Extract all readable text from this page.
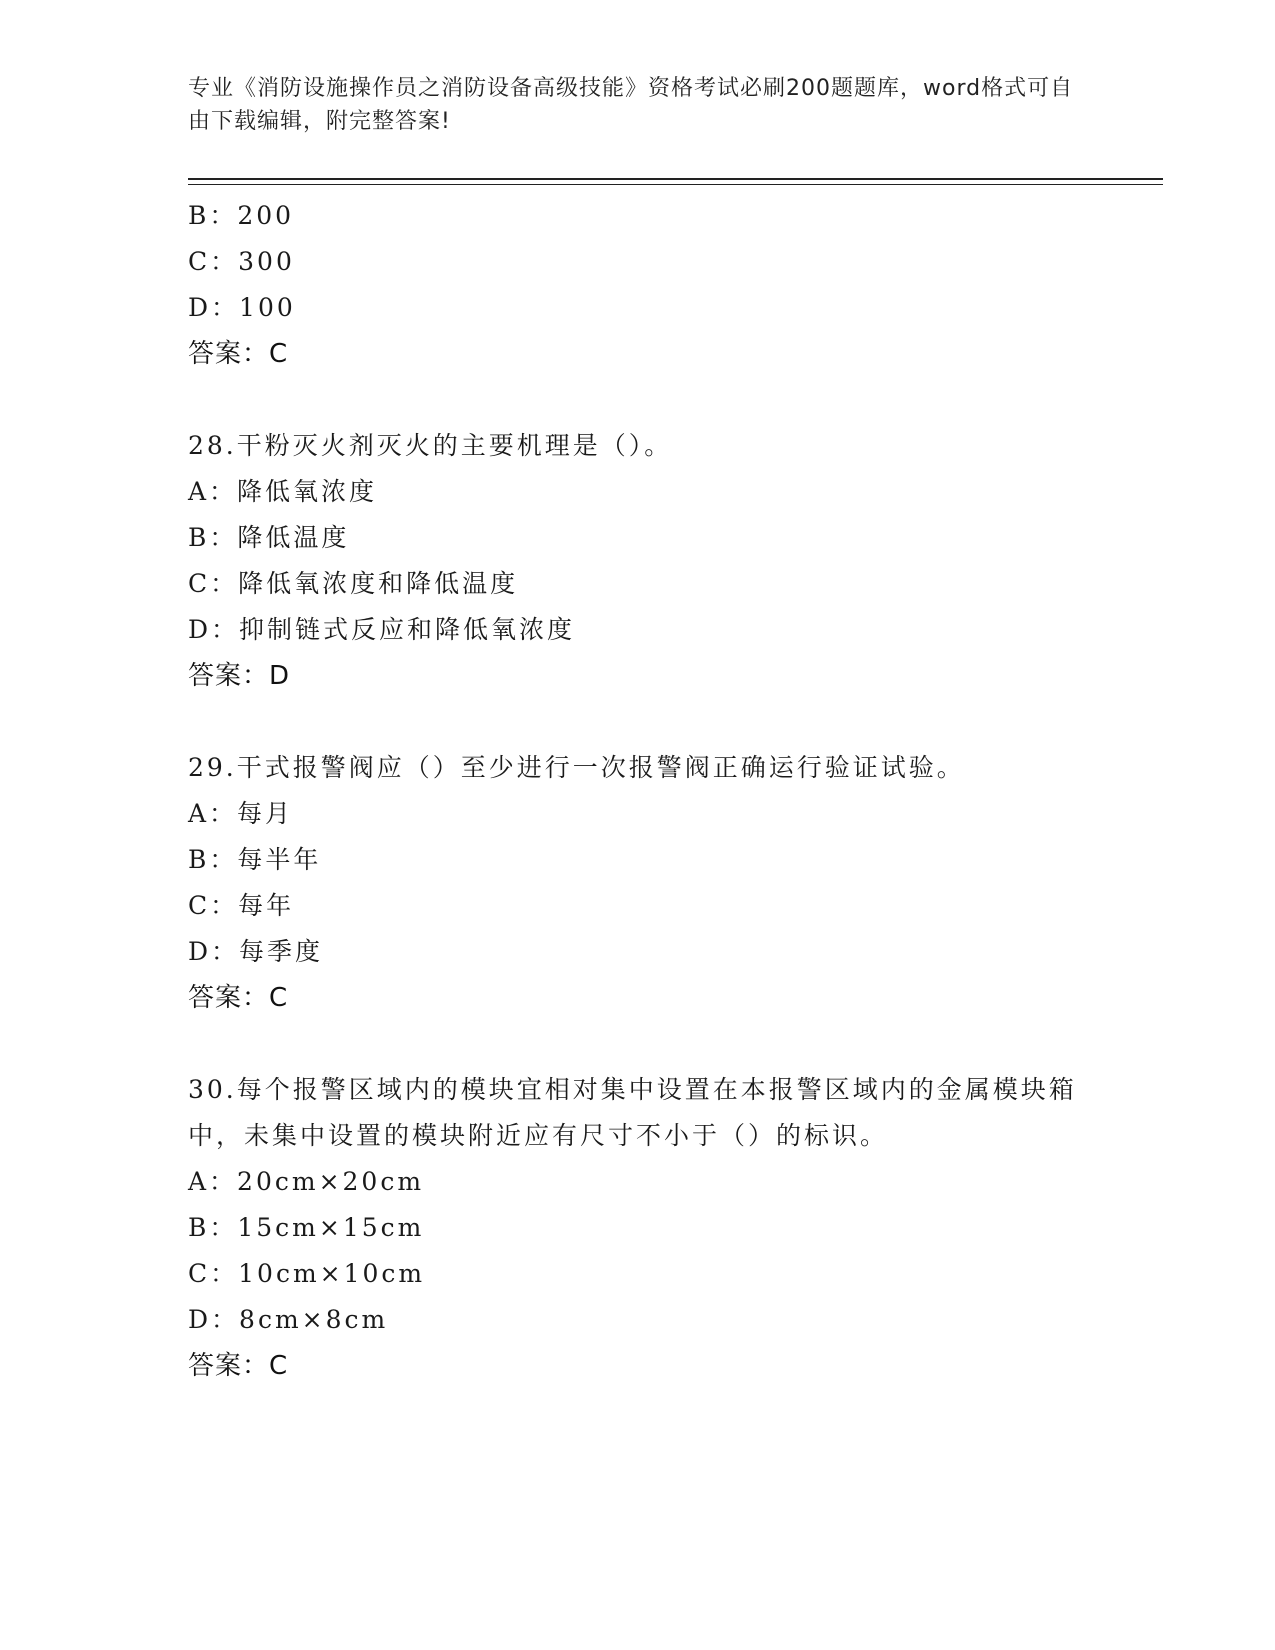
专业《消防设施操作员之消防设备高级技能》资格考试必刷200题题库，word格式可自由下载编辑，附完整答案!
B：200
C：300
D：100
答案：C
28.干粉灭火剂灭火的主要机理是（）。
A：降低氧浓度
B：降低温度
C：降低氧浓度和降低温度
D：抑制链式反应和降低氧浓度
答案：D
29.干式报警阀应（）至少进行一次报警阀正确运行验证试验。
A：每月
B：每半年
C：每年
D：每季度
答案：C
30.每个报警区域内的模块宜相对集中设置在本报警区域内的金属模块箱中，未集中设置的模块附近应有尺寸不小于（）的标识。
A：20cm×20cm
B：15cm×15cm
C：10cm×10cm
D：8cm×8cm
答案：C
